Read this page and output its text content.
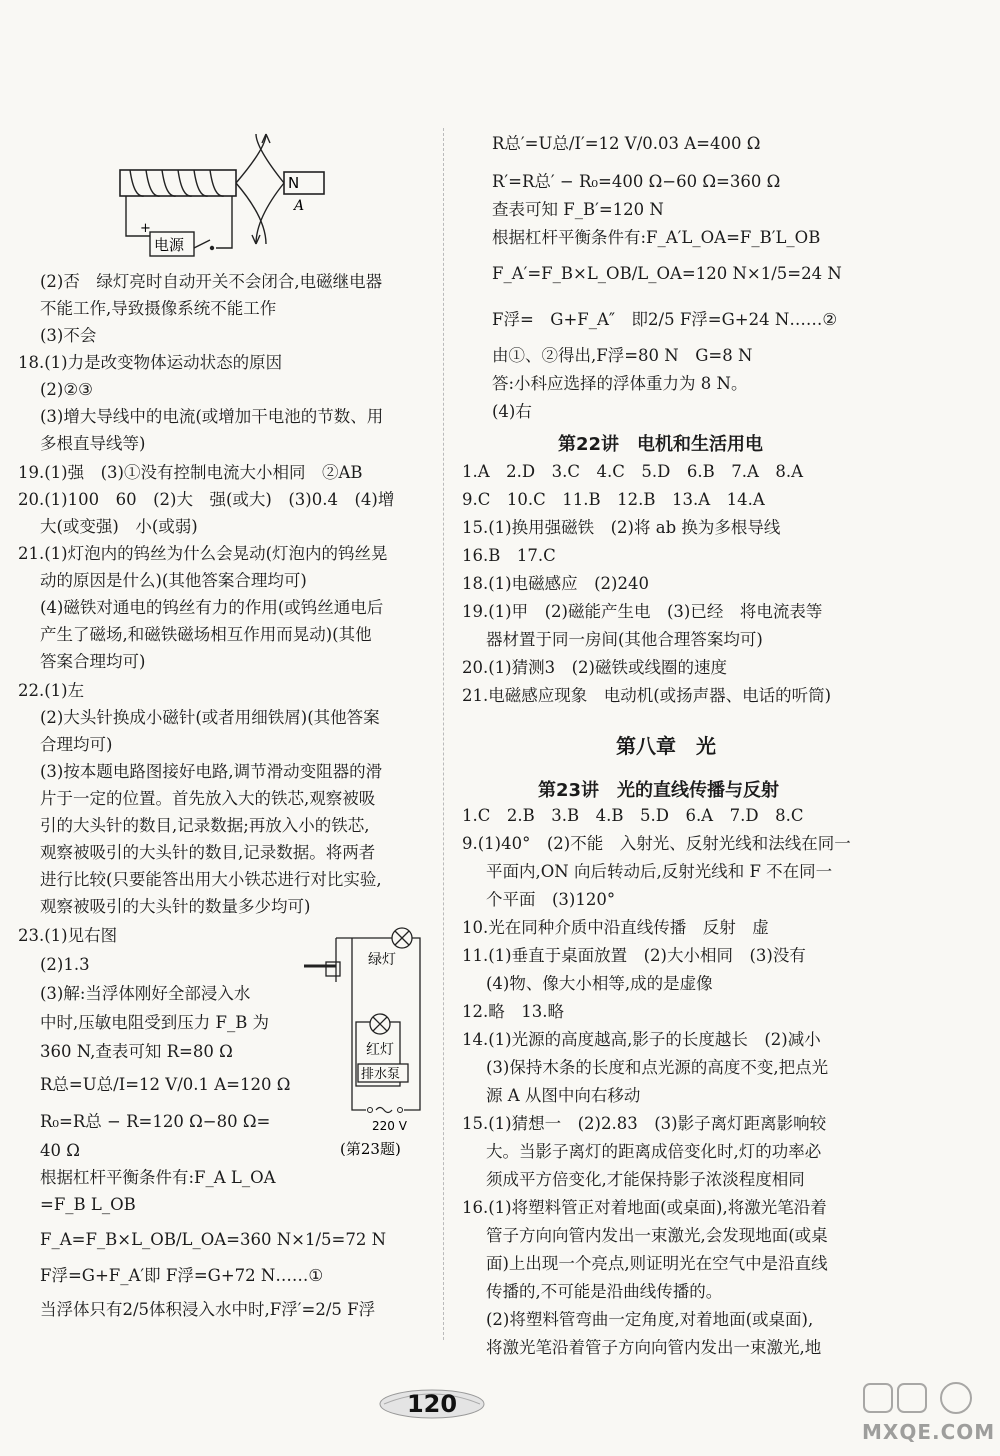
N
A
电源
+
(2)否　绿灯亮时自动开关不会闭合,电磁继电器
不能工作,导致摄像系统不能工作
(3)不会
18.(1)力是改变物体运动状态的原因
(2)②③
(3)增大导线中的电流(或增加干电池的节数、用
多根直导线等)
19.(1)强　(3)①没有控制电流大小相同　②AB
20.(1)100　60　(2)大　强(或大)　(3)0.4　(4)增
大(或变强)　小(或弱)
21.(1)灯泡内的钨丝为什么会晃动(灯泡内的钨丝晃
动的原因是什么)(其他答案合理均可)
(4)磁铁对通电的钨丝有力的作用(或钨丝通电后
产生了磁场,和磁铁磁场相互作用而晃动)(其他
答案合理均可)
22.(1)左
(2)大头针换成小磁针(或者用细铁屑)(其他答案
合理均可)
(3)按本题电路图接好电路,调节滑动变阻器的滑
片于一定的位置。首先放入大的铁芯,观察被吸
引的大头针的数目,记录数据;再放入小的铁芯,
观察被吸引的大头针的数目,记录数据。将两者
进行比较(只要能答出用大小铁芯进行对比实验,
观察被吸引的大头针的数量多少均可)
23.(1)见右图
(2)1.3
(3)解:当浮体刚好全部浸入水
中时,压敏电阻受到压力 F_B 为
360 N,查表可知 R=80 Ω
R总=U总/I=12 V/0.1 A=120 Ω
R₀=R总 − R=120 Ω−80 Ω=
40 Ω
根据杠杆平衡条件有:F_A L_OA
=F_B L_OB
F_A=F_B×L_OB/L_OA=360 N×1/5=72 N
F浮=G+F_A′即 F浮=G+72 N……①
当浮体只有2/5体积浸入水中时,F浮′=2/5 F浮
绿灯
红灯
排水泵
220 V
(第23题)
R总′=U总/I′=12 V/0.03 A=400 Ω
R′=R总′ − R₀=400 Ω−60 Ω=360 Ω
查表可知 F_B′=120 N
根据杠杆平衡条件有:F_A′L_OA=F_B′L_OB
F_A′=F_B×L_OB/L_OA=120 N×1/5=24 N
F浮=　G+F_A″　即2/5 F浮=G+24 N……②
由①、②得出,F浮=80 N　G=8 N
答:小科应选择的浮体重力为 8 N。
(4)右
第22讲　电机和生活用电
1.A　2.D　3.C　4.C　5.D　6.B　7.A　8.A
9.C　10.C　11.B　12.B　13.A　14.A
15.(1)换用强磁铁　(2)将 ab 换为多根导线
16.B　17.C
18.(1)电磁感应　(2)240
19.(1)甲　(2)磁能产生电　(3)已经　将电流表等
器材置于同一房间(其他合理答案均可)
20.(1)猜测3　(2)磁铁或线圈的速度
21.电磁感应现象　电动机(或扬声器、电话的听筒)
第八章　光
第23讲　光的直线传播与反射
1.C　2.B　3.B　4.B　5.D　6.A　7.D　8.C
9.(1)40°　(2)不能　入射光、反射光线和法线在同一
平面内,ON 向后转动后,反射光线和 F 不在同一
个平面　(3)120°
10.光在同种介质中沿直线传播　反射　虚
11.(1)垂直于桌面放置　(2)大小相同　(3)没有
(4)物、像大小相等,成的是虚像
12.略　13.略
14.(1)光源的高度越高,影子的长度越长　(2)减小
(3)保持木条的长度和点光源的高度不变,把点光
源 A 从图中向右移动
15.(1)猜想一　(2)2.83　(3)影子离灯距离影响较
大。当影子离灯的距离成倍变化时,灯的功率必
须成平方倍变化,才能保持影子浓淡程度相同
16.(1)将塑料管正对着地面(或桌面),将激光笔沿着
管子方向向管内发出一束激光,会发现地面(或桌
面)上出现一个亮点,则证明光在空气中是沿直线
传播的,不可能是沿曲线传播的。
(2)将塑料管弯曲一定角度,对着地面(或桌面),
将激光笔沿着管子方向向管内发出一束激光,地
120
MXQE.COM
